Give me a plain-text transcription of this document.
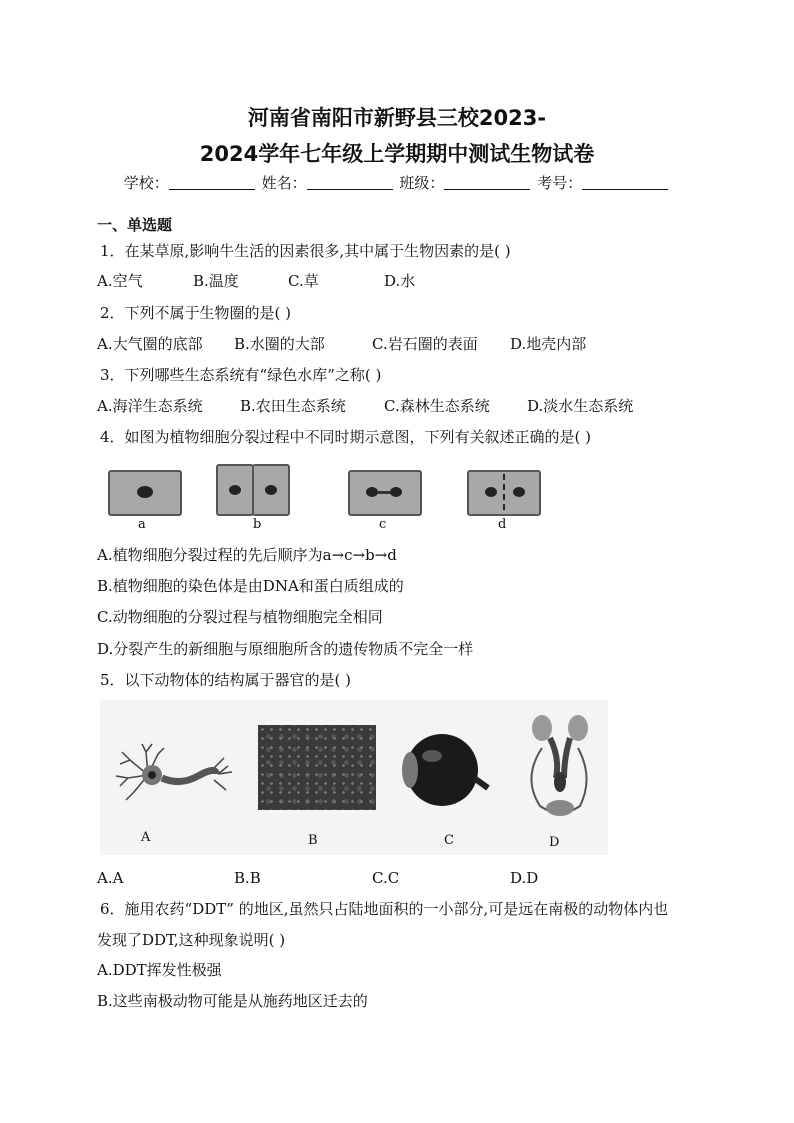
河南省南阳市新野县三校2023-
2024学年七年级上学期期中测试生物试卷
学校：	姓名：	班级：	考号：
一、单选题
1．在某草原,影响牛生活的因素很多,其中属于生物因素的是( )
A.空气	B.温度	C.草	D.水
2．下列不属于生物圈的是( )
A.大气圈的底部 B.水圈的大部	C.岩石圈的表面 D.地壳内部
3．下列哪些生态系统有“绿色水库”之称( )
A.海洋生态系统 B.农田生态系统	C.森林生态系统 D.淡水生态系统
4．如图为植物细胞分裂过程中不同时期示意图，下列有关叙述正确的是( )
a	b	c	d
A.植物细胞分裂过程的先后顺序为a→c→b→d
B.植物细胞的染色体是由DNA和蛋白质组成的
C.动物细胞的分裂过程与植物细胞完全相同
D.分裂产生的新细胞与原细胞所含的遗传物质不完全一样
5．以下动物体的结构属于器官的是( )
A	B	C	D
A.A	B.B	C.C	D.D
6．施用农药“DDT” 的地区,虽然只占陆地面积的一小部分,可是远在南极的动物体内也
发现了DDT,这种现象说明( )
A.DDT挥发性极强
B.这些南极动物可能是从施药地区迁去的
